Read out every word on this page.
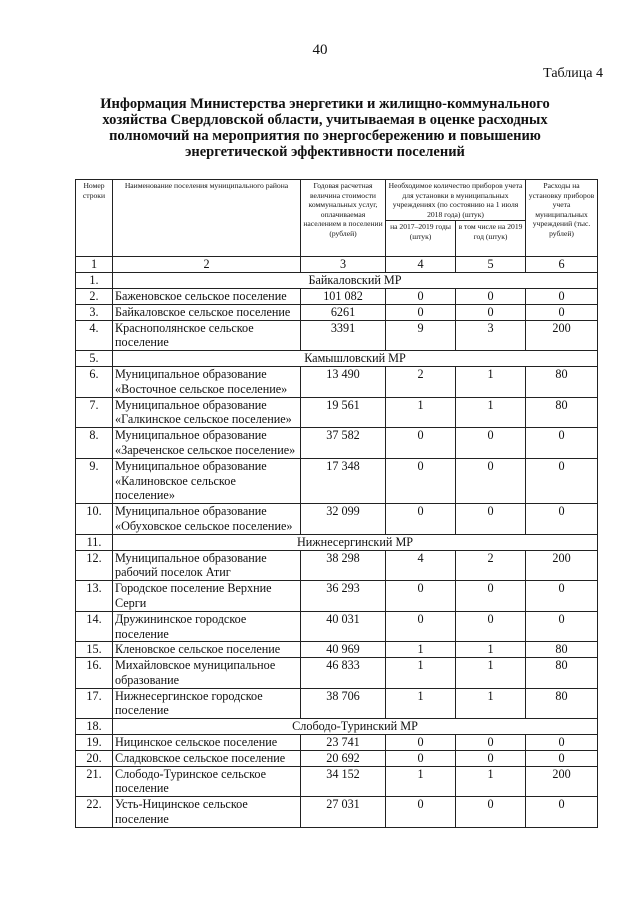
40
Таблица 4
Информация Министерства энергетики и жилищно-коммунального
хозяйства Свердловской области, учитываемая в оценке расходных
полномочий на мероприятия по энергосбережению и повышению
энергетической эффективности поселений
Номер строки	Наименование поселения муниципального района	Годовая расчетная величина стоимости коммунальных услуг, оплачиваемая населением в поселении (рублей)	Необходимое количество приборов учета для установки в муниципальных учреждениях (по состоянию на 1 июля 2018 года) (штук)		Расходы на установку приборов учета муниципальных учреждений (тыс. рублей)
			на 2017–2019 годы (штук)	в том числе на 2019 год (штук)	
1	2	3	4	5	6
1.	Байкаловский МР				
2.	Баженовское сельское поселение	101 082	0	0	0
3.	Байкаловское сельское поселение	6261	0	0	0
4.	Краснополянское сельское поселение	3391	9	3	200
5.	Камышловский МР				
6.	Муниципальное образование «Восточное сельское поселение»	13 490	2	1	80
7.	Муниципальное образование «Галкинское сельское поселение»	19 561	1	1	80
8.	Муниципальное образование «Зареченское сельское поселение»	37 582	0	0	0
9.	Муниципальное образование «Калиновское сельское поселение»	17 348	0	0	0
10.	Муниципальное образование «Обуховское сельское поселение»	32 099	0	0	0
11.	Нижнесергинский МР				
12.	Муниципальное образование рабочий поселок Атиг	38 298	4	2	200
13.	Городское поселение Верхние Серги	36 293	0	0	0
14.	Дружининское городское поселение	40 031	0	0	0
15.	Кленовское сельское поселение	40 969	1	1	80
16.	Михайловское муниципальное образование	46 833	1	1	80
17.	Нижнесергинское городское поселение	38 706	1	1	80
18.	Слободо-Туринский МР				
19.	Ницинское сельское поселение	23 741	0	0	0
20.	Сладковское сельское поселение	20 692	0	0	0
21.	Слободо-Туринское сельское поселение	34 152	1	1	200
22.	Усть-Ницинское сельское поселение	27 031	0	0	0
